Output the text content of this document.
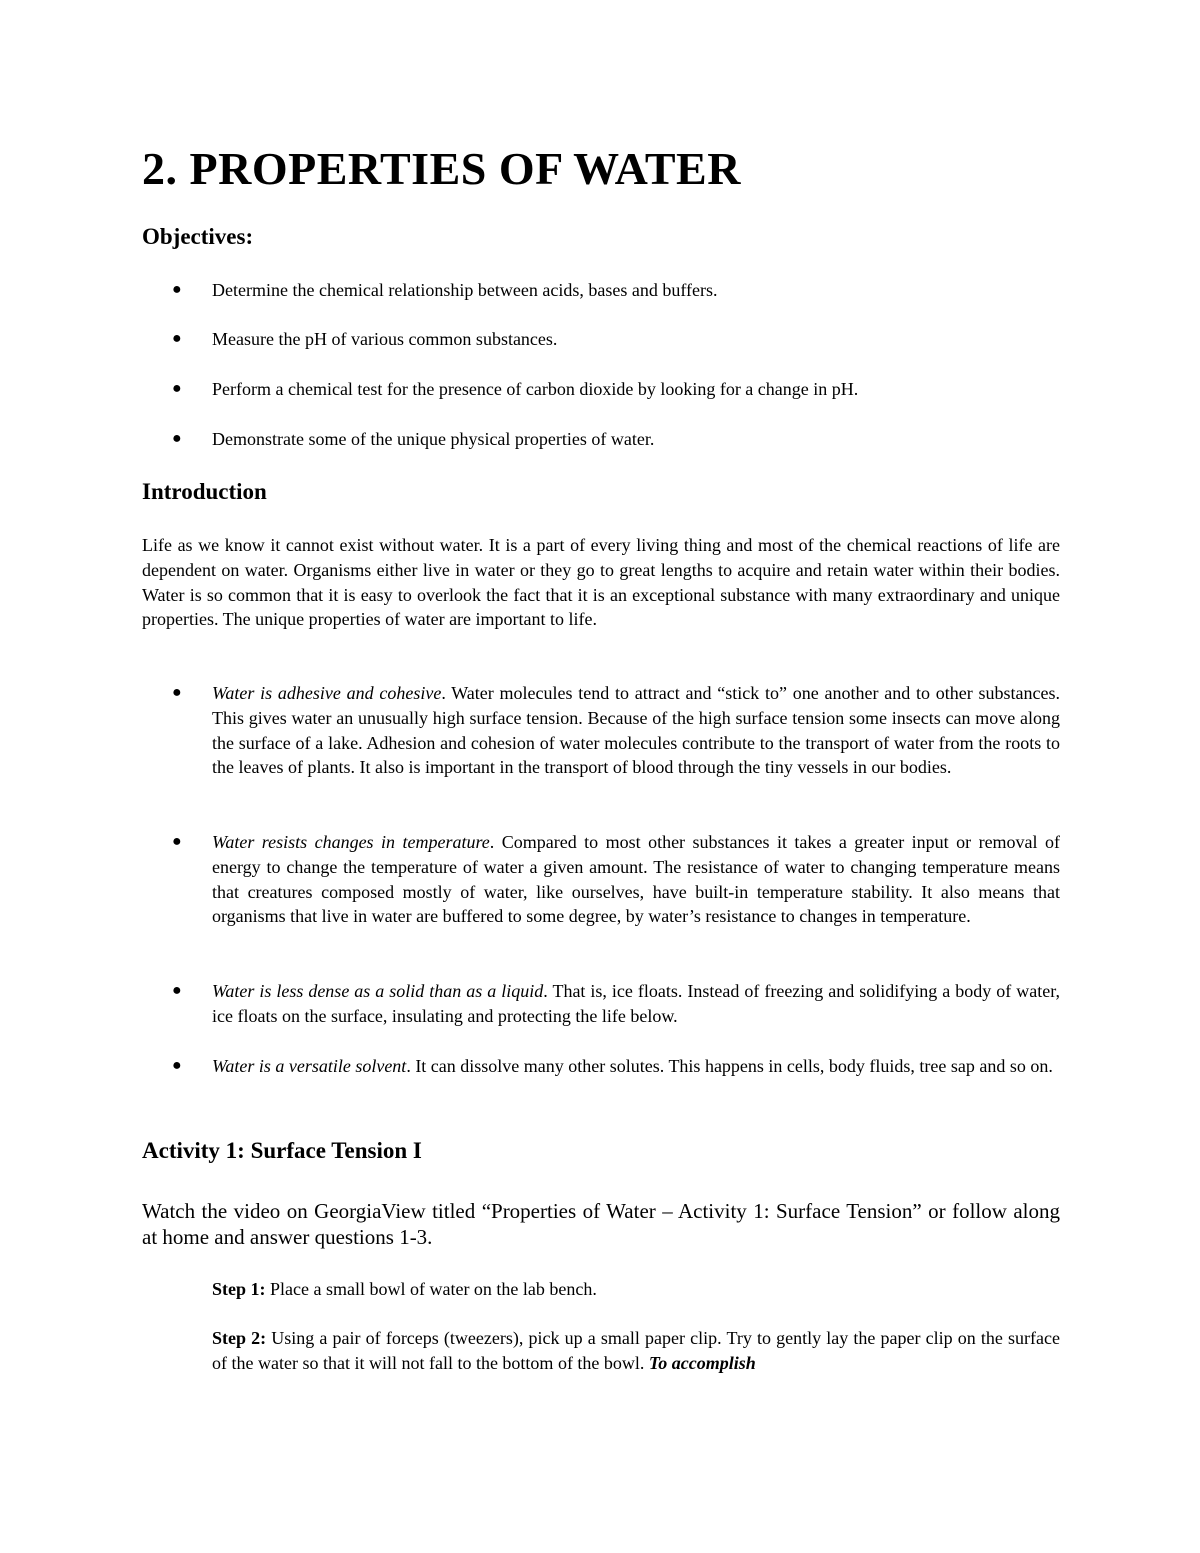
2. PROPERTIES OF WATER
Objectives:
● Determine the chemical relationship between acids, bases and buffers.
● Measure the pH of various common substances.
● Perform a chemical test for the presence of carbon dioxide by looking for a change in pH.
● Demonstrate some of the unique physical properties of water.
Introduction
Life as we know it cannot exist without water. It is a part of every living thing and most of the chemical reactions of life are dependent on water. Organisms either live in water or they go to great lengths to acquire and retain water within their bodies. Water is so common that it is easy to overlook the fact that it is an exceptional substance with many extraordinary and unique properties. The unique properties of water are important to life.
● Water is adhesive and cohesive. Water molecules tend to attract and “stick to” one another and to other substances. This gives water an unusually high surface tension. Because of the high surface tension some insects can move along the surface of a lake. Adhesion and cohesion of water molecules contribute to the transport of water from the roots to the leaves of plants. It also is important in the transport of blood through the tiny vessels in our bodies.
● Water resists changes in temperature. Compared to most other substances it takes a greater input or removal of energy to change the temperature of water a given amount. The resistance of water to changing temperature means that creatures composed mostly of water, like ourselves, have built-in temperature stability. It also means that organisms that live in water are buffered to some degree, by water’s resistance to changes in temperature.
● Water is less dense as a solid than as a liquid. That is, ice floats. Instead of freezing and solidifying a body of water, ice floats on the surface, insulating and protecting the life below.
● Water is a versatile solvent. It can dissolve many other solutes. This happens in cells, body fluids, tree sap and so on.
Activity 1: Surface Tension I
Watch the video on GeorgiaView titled “Properties of Water – Activity 1: Surface Tension” or follow along at home and answer questions 1-3.
Step 1: Place a small bowl of water on the lab bench.
Step 2: Using a pair of forceps (tweezers), pick up a small paper clip. Try to gently lay the paper clip on the surface of the water so that it will not fall to the bottom of the bowl. To accomplish
